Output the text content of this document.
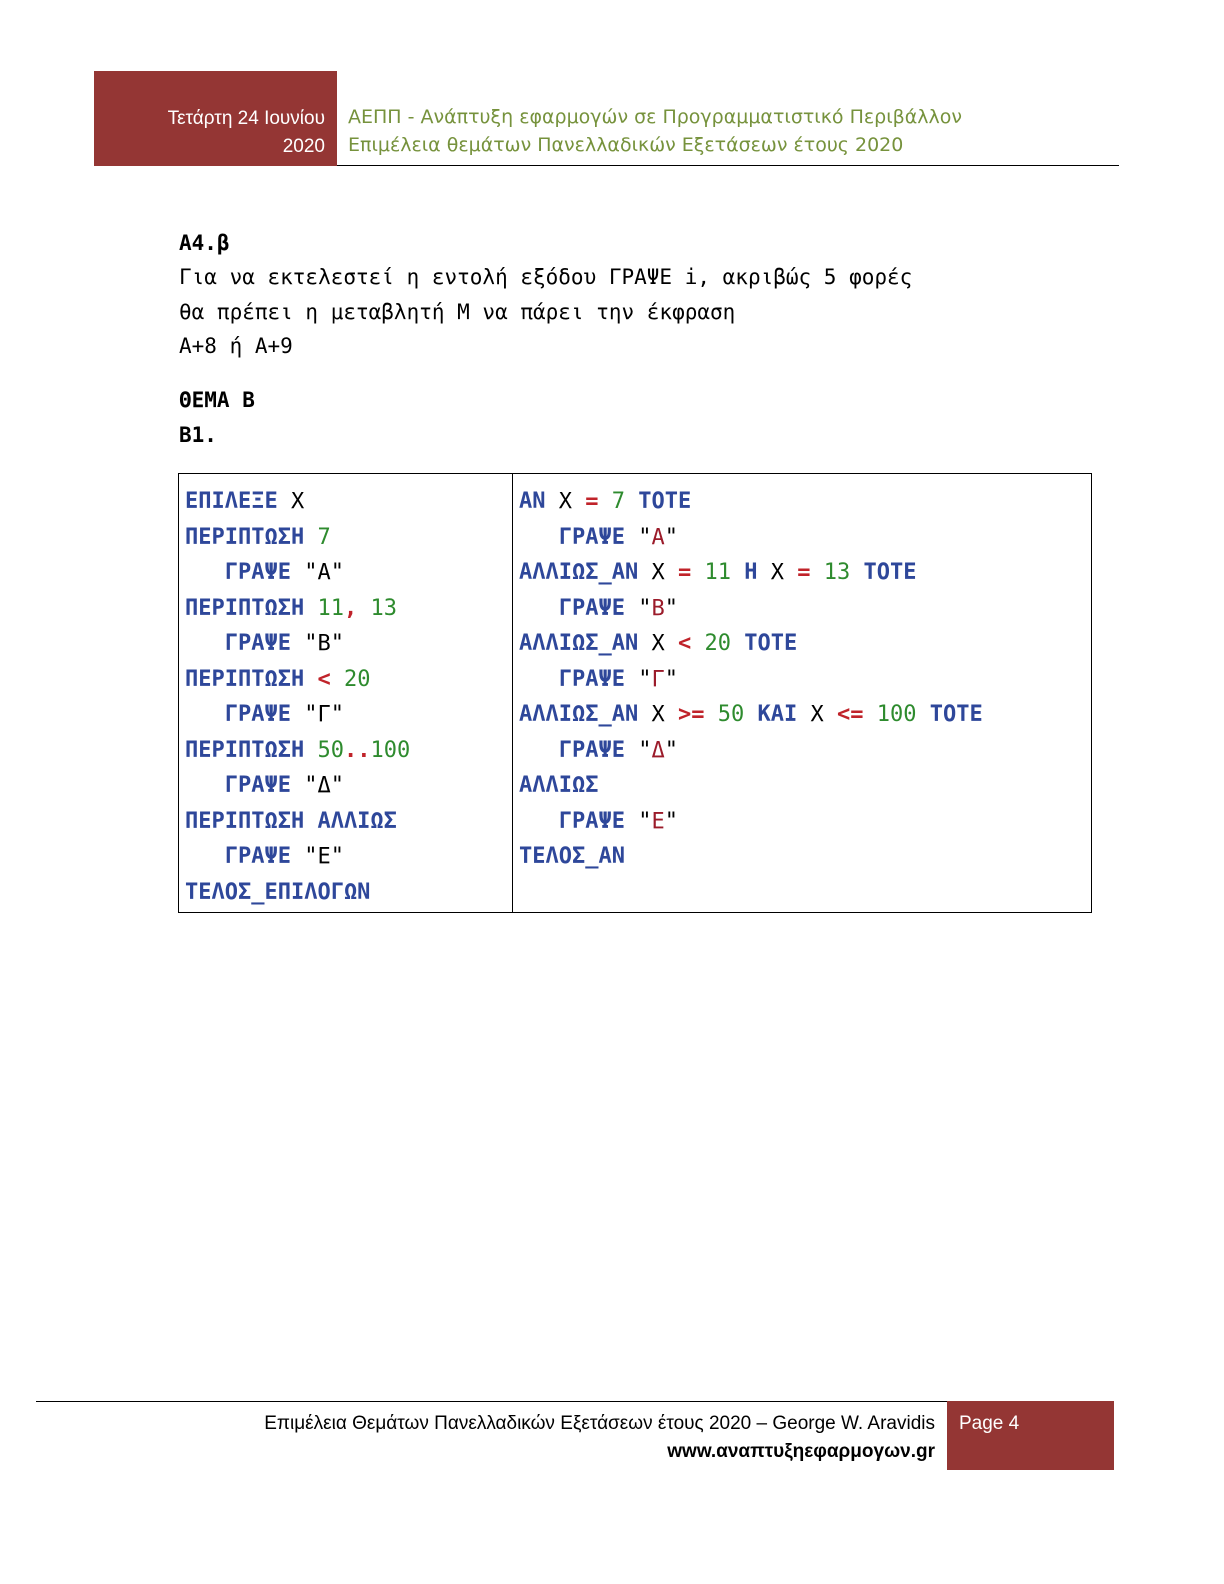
Τετάρτη 24 Ιουνίου
2020
ΑΕΠΠ - Ανάπτυξη εφαρμογών σε Προγραμματιστικό Περιβάλλον
Επιμέλεια θεμάτων Πανελλαδικών Εξετάσεων έτους 2020
Α4.β
Για να εκτελεστεί η εντολή εξόδου ΓΡΑΨΕ i, ακριβώς 5 φορές
θα πρέπει η μεταβλητή Μ να πάρει την έκφραση
Α+8 ή Α+9
ΘΕΜΑ Β
Β1.
ΕΠΙΛΕΞΕ Χ
ΠΕΡΙΠΤΩΣΗ 7
ΓΡΑΨΕ "Α"
ΠΕΡΙΠΤΩΣΗ 11, 13
ΓΡΑΨΕ "Β"
ΠΕΡΙΠΤΩΣΗ < 20
ΓΡΑΨΕ "Γ"
ΠΕΡΙΠΤΩΣΗ 50..100
ΓΡΑΨΕ "Δ"
ΠΕΡΙΠΤΩΣΗ ΑΛΛΙΩΣ
ΓΡΑΨΕ "Ε"
ΤΕΛΟΣ_ΕΠΙΛΟΓΩΝ
ΑΝ Χ = 7 ΤΟΤΕ
ΓΡΑΨΕ "Α"
ΑΛΛΙΩΣ_ΑΝ Χ = 11 Η Χ = 13 ΤΟΤΕ
ΓΡΑΨΕ "Β"
ΑΛΛΙΩΣ_ΑΝ Χ < 20 ΤΟΤΕ
ΓΡΑΨΕ "Γ"
ΑΛΛΙΩΣ_ΑΝ Χ >= 50 ΚΑΙ Χ <= 100 ΤΟΤΕ
ΓΡΑΨΕ "Δ"
ΑΛΛΙΩΣ
ΓΡΑΨΕ "Ε"
ΤΕΛΟΣ_ΑΝ
Επιμέλεια Θεμάτων Πανελλαδικών Εξετάσεων έτους 2020 – George W. Aravidis
www.αναπτυξηεφαρμογων.gr
Page 4
